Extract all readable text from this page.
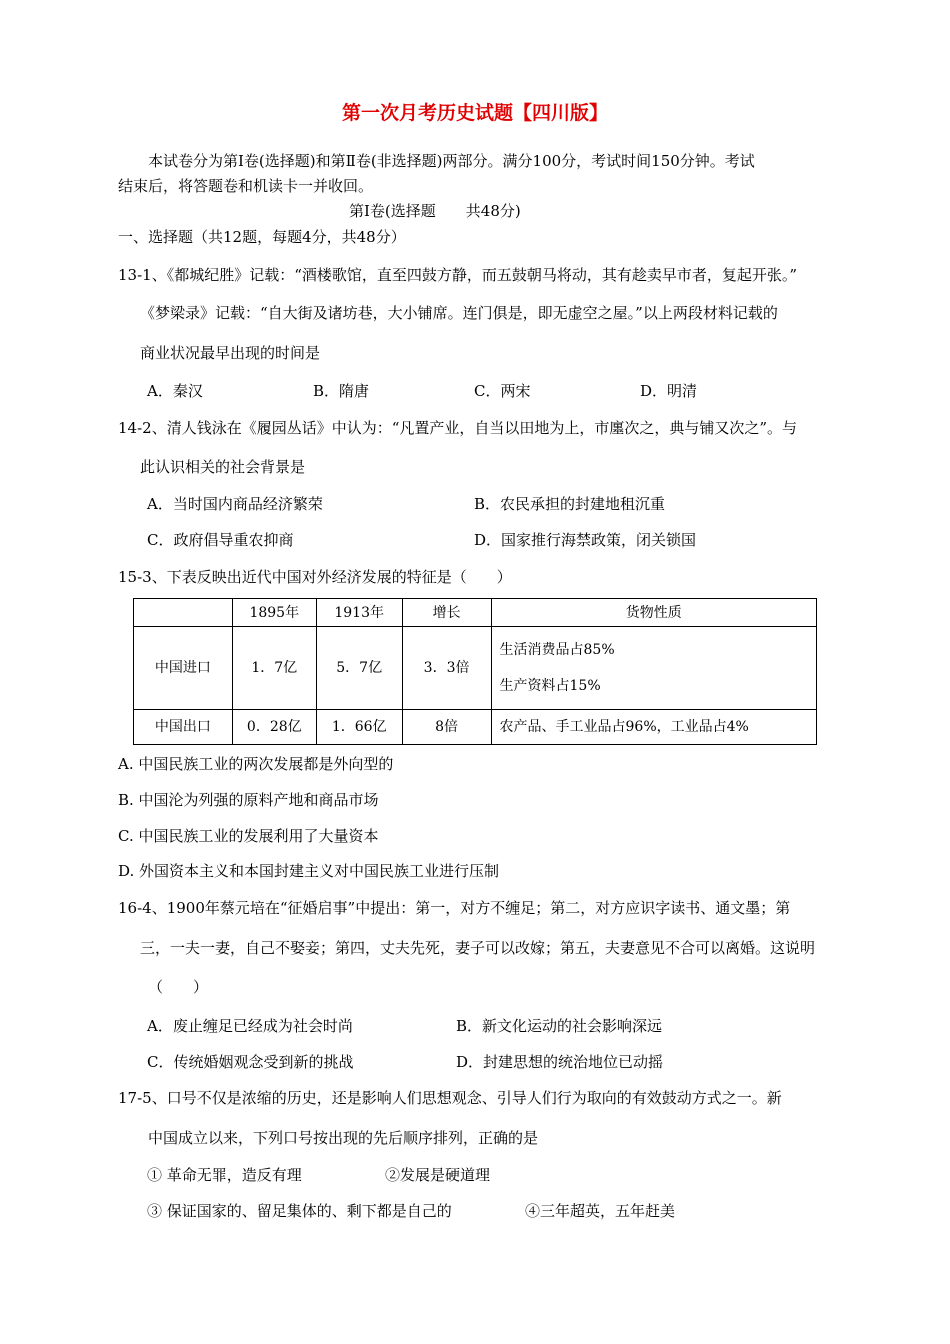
第一次月考历史试题【四川版】
本试卷分为第Ⅰ卷(选择题)和第Ⅱ卷(非选择题)两部分。满分100分，考试时间150分钟。考试
结束后，将答题卷和机读卡一并收回。
第Ⅰ卷(选择题　　共48分)
一、选择题（共12题，每题4分，共48分）
13-1、《都城纪胜》记载：“酒楼歌馆，直至四鼓方静，而五鼓朝马将动，其有趁卖早市者，复起开张。”
《梦梁录》记载：“自大街及诸坊巷，大小铺席。连门俱是，即无虚空之屋。”以上两段材料记载的
商业状况最早出现的时间是
A．秦汉	B．隋唐	C．两宋	D．明清
14-2、清人钱泳在《履园丛话》中认为：“凡置产业，自当以田地为上，市廛次之，典与铺又次之”。与
此认识相关的社会背景是
A．当时国内商品经济繁荣	B．农民承担的封建地租沉重
C．政府倡导重农抑商	D．国家推行海禁政策，闭关锁国
15-3、下表反映出近代中国对外经济发展的特征是（　　）
	1895年	1913年	增长	货物性质
中国进口	1．7亿	5．7亿	3．3倍	生活消费品占85%
生产资料占15%

中国出口	0．28亿	1．66亿	8倍	农产品、手工业品占96%，工业品占4%
A. 中国民族工业的两次发展都是外向型的
B. 中国沦为列强的原料产地和商品市场
C. 中国民族工业的发展利用了大量资本
D. 外国资本主义和本国封建主义对中国民族工业进行压制
16-4、1900年蔡元培在“征婚启事”中提出：第一，对方不缠足；第二，对方应识字读书、通文墨；第
三，一夫一妻，自己不娶妾；第四，丈夫先死，妻子可以改嫁；第五，夫妻意见不合可以离婚。这说明
（　　）
A．废止缠足已经成为社会时尚	B．新文化运动的社会影响深远
C．传统婚姻观念受到新的挑战	D．封建思想的统治地位已动摇
17-5、口号不仅是浓缩的历史，还是影响人们思想观念、引导人们行为取向的有效鼓动方式之一。新
中国成立以来，下列口号按出现的先后顺序排列，正确的是
① 革命无罪，造反有理	②发展是硬道理
③ 保证国家的、留足集体的、剩下都是自己的	④三年超英，五年赶美
